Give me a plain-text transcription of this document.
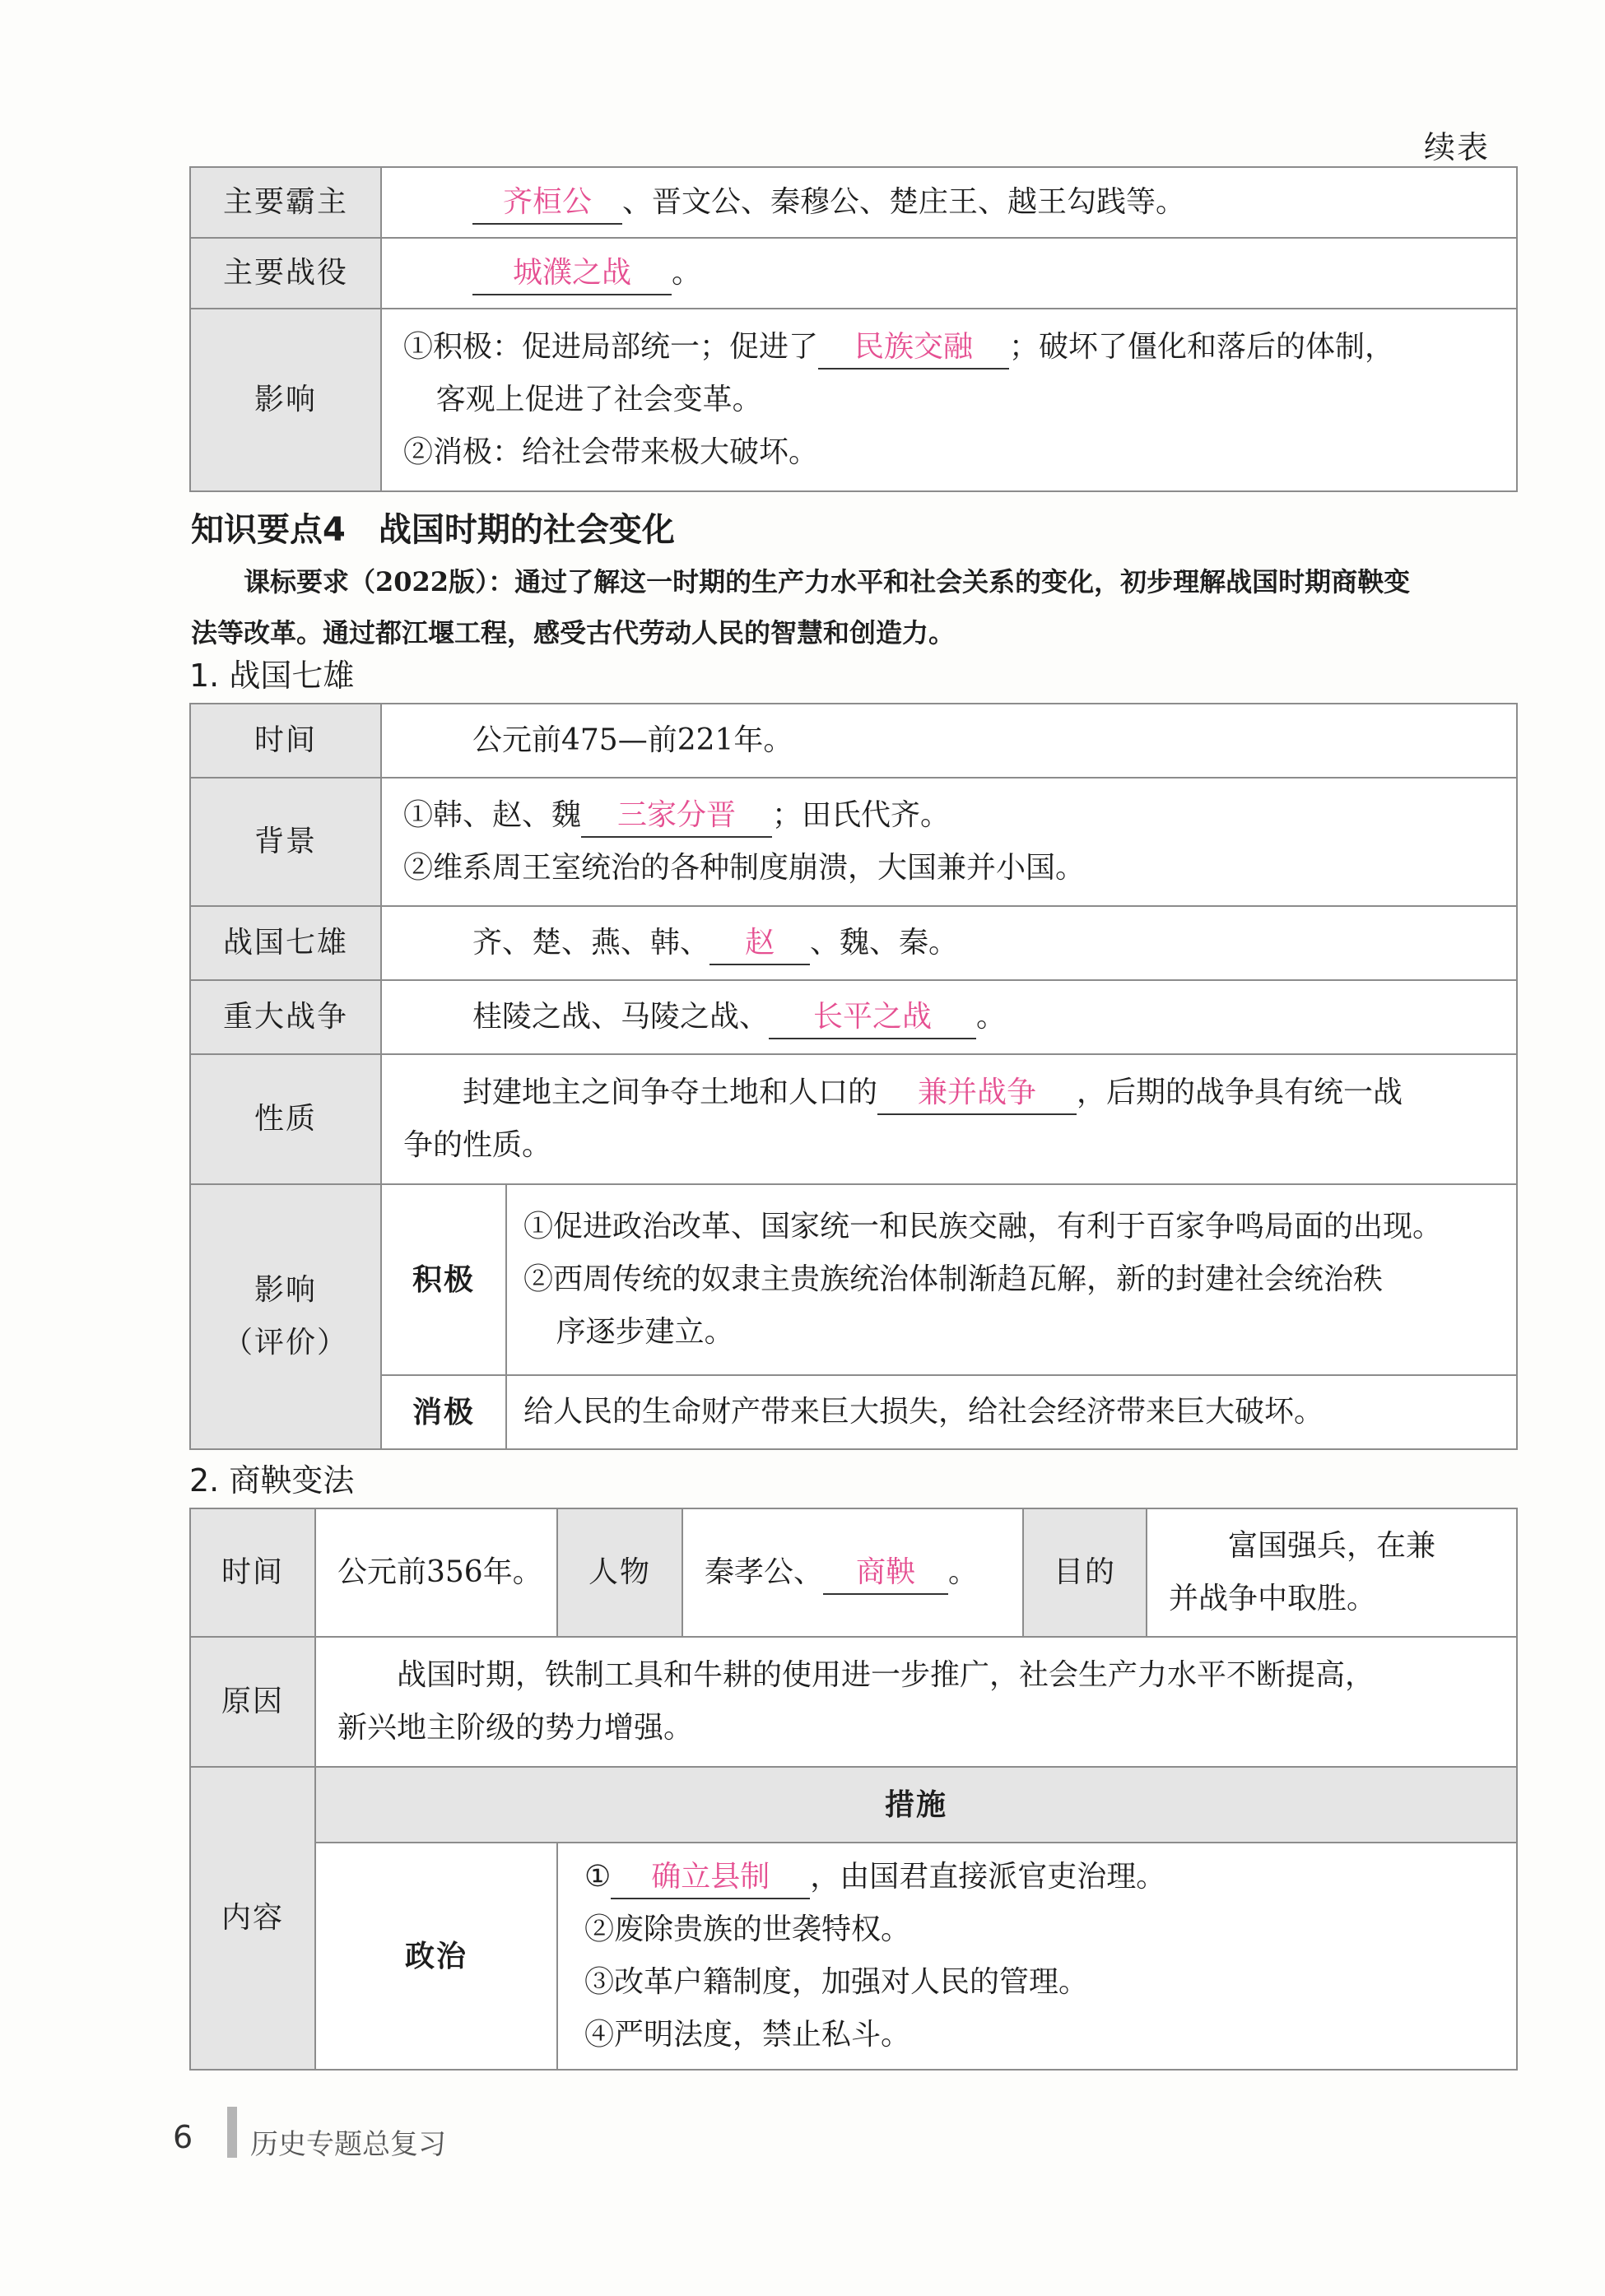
续表
主要霸主	齐桓公 、晋文公、秦穆公、楚庄王、越王勾践等。

主要战役	城濮之战 。

影响	①积极：促进局部统一；促进了 民族交融 ；破坏了僵化和落后的体制，
客观上促进了社会变革。
②消极：给社会带来极大破坏。
知识要点4　战国时期的社会变化
课标要求（2022版）：通过了解这一时期的生产力水平和社会关系的变化，初步理解战国时期商鞅变
法等改革。通过都江堰工程，感受古代劳动人民的智慧和创造力。
1. 战国七雄
时间	公元前475—前221年。	

背景	①韩、赵、魏 三家分晋 ；田氏代齐。
②维系周王室统治的各种制度崩溃，大国兼并小国。	

战国七雄	齐、楚、燕、韩、 赵 、魏、秦。	

重大战争	桂陵之战、马陵之战、 长平之战 。	

性质	封建地主之间争夺土地和人口的 兼并战争 ，后期的战争具有统一战
争的性质。	

影响
（评价）	积极	①促进政治改革、国家统一和民族交融，有利于百家争鸣局面的出现。
②西周传统的奴隶主贵族统治体制渐趋瓦解，新的封建社会统治秩
序逐步建立。

	消极	给人民的生命财产带来巨大损失，给社会经济带来巨大破坏。
2. 商鞅变法
时间	公元前356年。	人物	秦孝公、 商鞅 。	目的	富国强兵，在兼
并战争中取胜。

原因	战国时期，铁制工具和牛耕的使用进一步推广，社会生产力水平不断提高，
新兴地主阶级的势力增强。				

内容	措施				
	政治	① 确立县制 ，由国君直接派官吏治理。
②废除贵族的世袭特权。
③改革户籍制度，加强对人民的管理。
④严明法度，禁止私斗。			
6 历史专题总复习
